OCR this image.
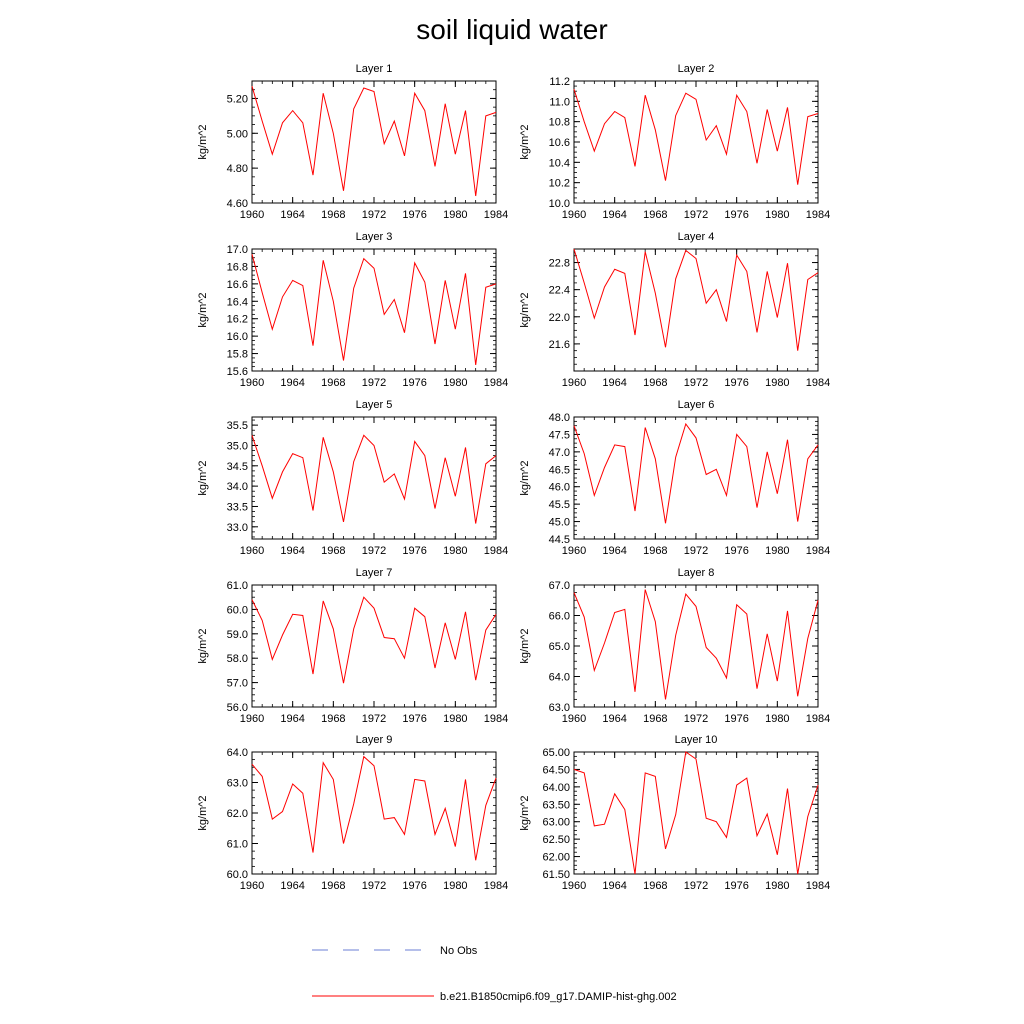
soil liquid water
Layer 1
kg/m^2
1960 1964 1968 1972 1976 1980 1984
4.60
4.80
5.00
5.20
Layer 2
kg/m^2
1960 1964 1968 1972 1976 1980 1984
10.0
10.2
10.4
10.6
10.8
11.0
11.2
Layer 3
kg/m^2
1960 1964 1968 1972 1976 1980 1984
15.6
15.8
16.0
16.2
16.4
16.6
16.8
17.0
Layer 4
kg/m^2
1960 1964 1968 1972 1976 1980 1984
21.6
22.0
22.4
22.8
Layer 5
kg/m^2
1960 1964 1968 1972 1976 1980 1984
33.0
33.5
34.0
34.5
35.0
35.5
Layer 6
kg/m^2
1960 1964 1968 1972 1976 1980 1984
44.5
45.0
45.5
46.0
46.5
47.0
47.5
48.0
Layer 7
kg/m^2
1960 1964 1968 1972 1976 1980 1984
56.0
57.0
58.0
59.0
60.0
61.0
Layer 8
kg/m^2
1960 1964 1968 1972 1976 1980 1984
63.0
64.0
65.0
66.0
67.0
Layer 9
kg/m^2
1960 1964 1968 1972 1976 1980 1984
60.0
61.0
62.0
63.0
64.0
Layer 10
kg/m^2
1960 1964 1968 1972 1976 1980 1984
61.50
62.00
62.50
63.00
63.50
64.00
64.50
65.00
No Obs
b.e21.B1850cmip6.f09_g17.DAMIP-hist-ghg.002
